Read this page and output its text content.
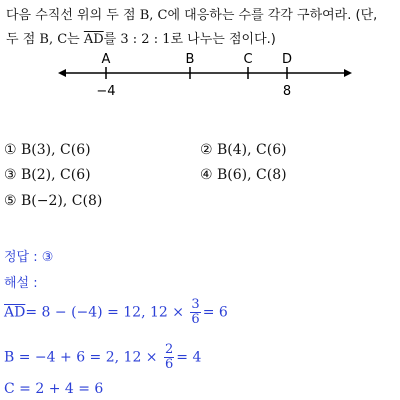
다음 수직선 위의 두 점 B, C에 대응하는 수를 각각 구하여라. (단,
두 점 B, C는 $\overline{AD}$를 3 : 2 : 1로 나누는 점이다.)
A	B	C D
−4	8
① B(3), C(6)	② B(4), C(6)
③ B(2), C(6)	④ B(6), C(8)
⑤ B(−2), C(8)
정답 : ③
해설 :
$\overline{AD}= 8 - (-4) = 12$, $12 \times \frac{3}{6} = 6$
B = −4 + 6 = 2, $12 \times \frac{2}{6} = 4$
C = 2 + 4 = 6
